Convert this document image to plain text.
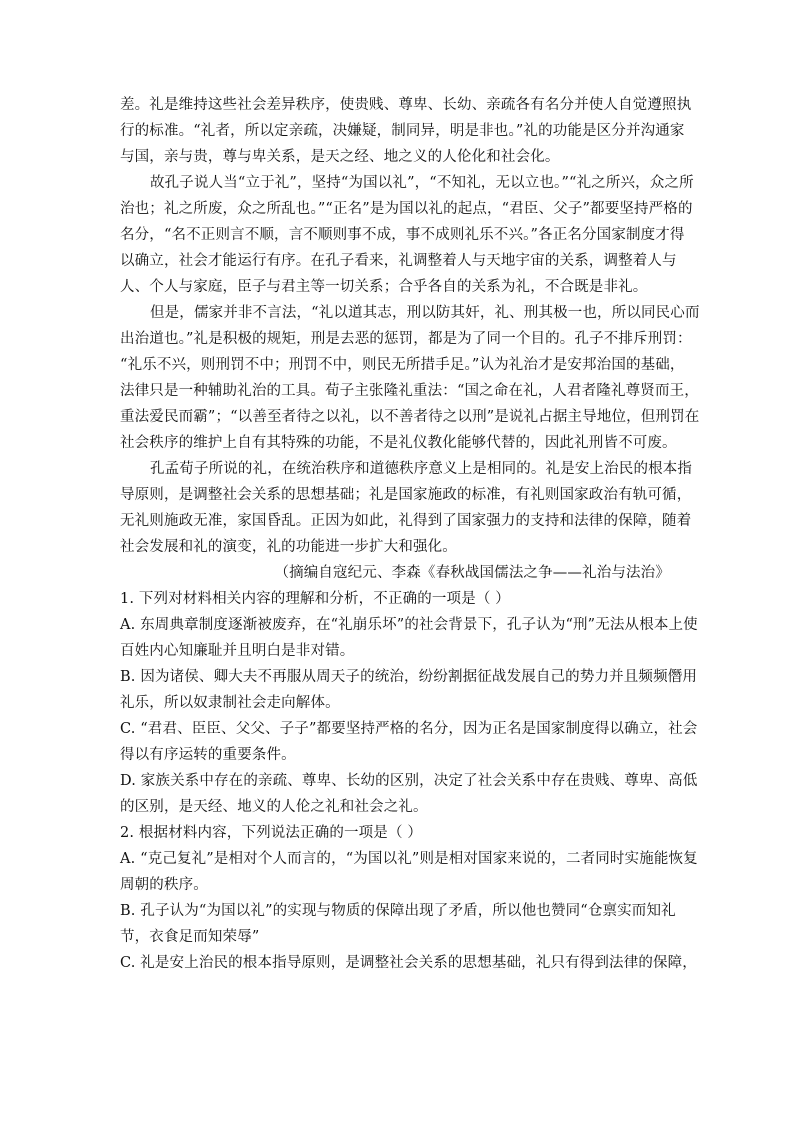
差。礼是维持这些社会差异秩序，使贵贱、尊卑、长幼、亲疏各有名分并使人自觉遵照执
行的标准。“礼者，所以定亲疏，决嫌疑，制同异，明是非也。”礼的功能是区分并沟通家
与国，亲与贵，尊与卑关系，是天之经、地之义的人伦化和社会化。
故孔子说人当“立于礼”，坚持“为国以礼”，“不知礼，无以立也。”“礼之所兴，众之所
治也；礼之所废，众之所乱也。”“正名”是为国以礼的起点，“君臣、父子”都要坚持严格的
名分，“名不正则言不顺，言不顺则事不成，事不成则礼乐不兴。”各正名分国家制度才得
以确立，社会才能运行有序。在孔子看来，礼调整着人与天地宇宙的关系，调整着人与
人、个人与家庭，臣子与君主等一切关系；合乎各自的关系为礼，不合既是非礼。
但是，儒家并非不言法，“礼以道其志，刑以防其奸，礼、刑其极一也，所以同民心而
出治道也。”礼是积极的规矩，刑是去恶的惩罚，都是为了同一个目的。孔子不排斥刑罚：
“礼乐不兴，则刑罚不中；刑罚不中，则民无所措手足。”认为礼治才是安邦治国的基础，
法律只是一种辅助礼治的工具。荀子主张隆礼重法：“国之命在礼，人君者隆礼尊贤而王，
重法爱民而霸”；“以善至者待之以礼，以不善者待之以刑”是说礼占据主导地位，但刑罚在
社会秩序的维护上自有其特殊的功能，不是礼仪教化能够代替的，因此礼刑皆不可废。
孔孟荀子所说的礼，在统治秩序和道德秩序意义上是相同的。礼是安上治民的根本指
导原则，是调整社会关系的思想基础；礼是国家施政的标准，有礼则国家政治有轨可循，
无礼则施政无准，家国昏乱。正因为如此，礼得到了国家强力的支持和法律的保障，随着
社会发展和礼的演变，礼的功能进一步扩大和强化。
（摘编自寇纪元、李森《春秋战国儒法之争——礼治与法治》
1. 下列对材料相关内容的理解和分析，不正确的一项是（ ）
A. 东周典章制度逐渐被废弃，在“礼崩乐坏”的社会背景下，孔子认为“刑”无法从根本上使
百姓内心知廉耻并且明白是非对错。
B. 因为诸侯、卿大夫不再服从周天子的统治，纷纷割据征战发展自己的势力并且频频僭用
礼乐，所以奴隶制社会走向解体。
C. “君君、臣臣、父父、子子”都要坚持严格的名分，因为正名是国家制度得以确立，社会
得以有序运转的重要条件。
D. 家族关系中存在的亲疏、尊卑、长幼的区别，决定了社会关系中存在贵贱、尊卑、高低
的区别，是天经、地义的人伦之礼和社会之礼。
2. 根据材料内容，下列说法正确的一项是（ ）
A. “克己复礼”是相对个人而言的，“为国以礼”则是相对国家来说的，二者同时实施能恢复
周朝的秩序。
B. 孔子认为“为国以礼”的实现与物质的保障出现了矛盾，所以他也赞同“仓禀实而知礼
节，衣食足而知荣辱”
C. 礼是安上治民的根本指导原则，是调整社会关系的思想基础，礼只有得到法律的保障，
